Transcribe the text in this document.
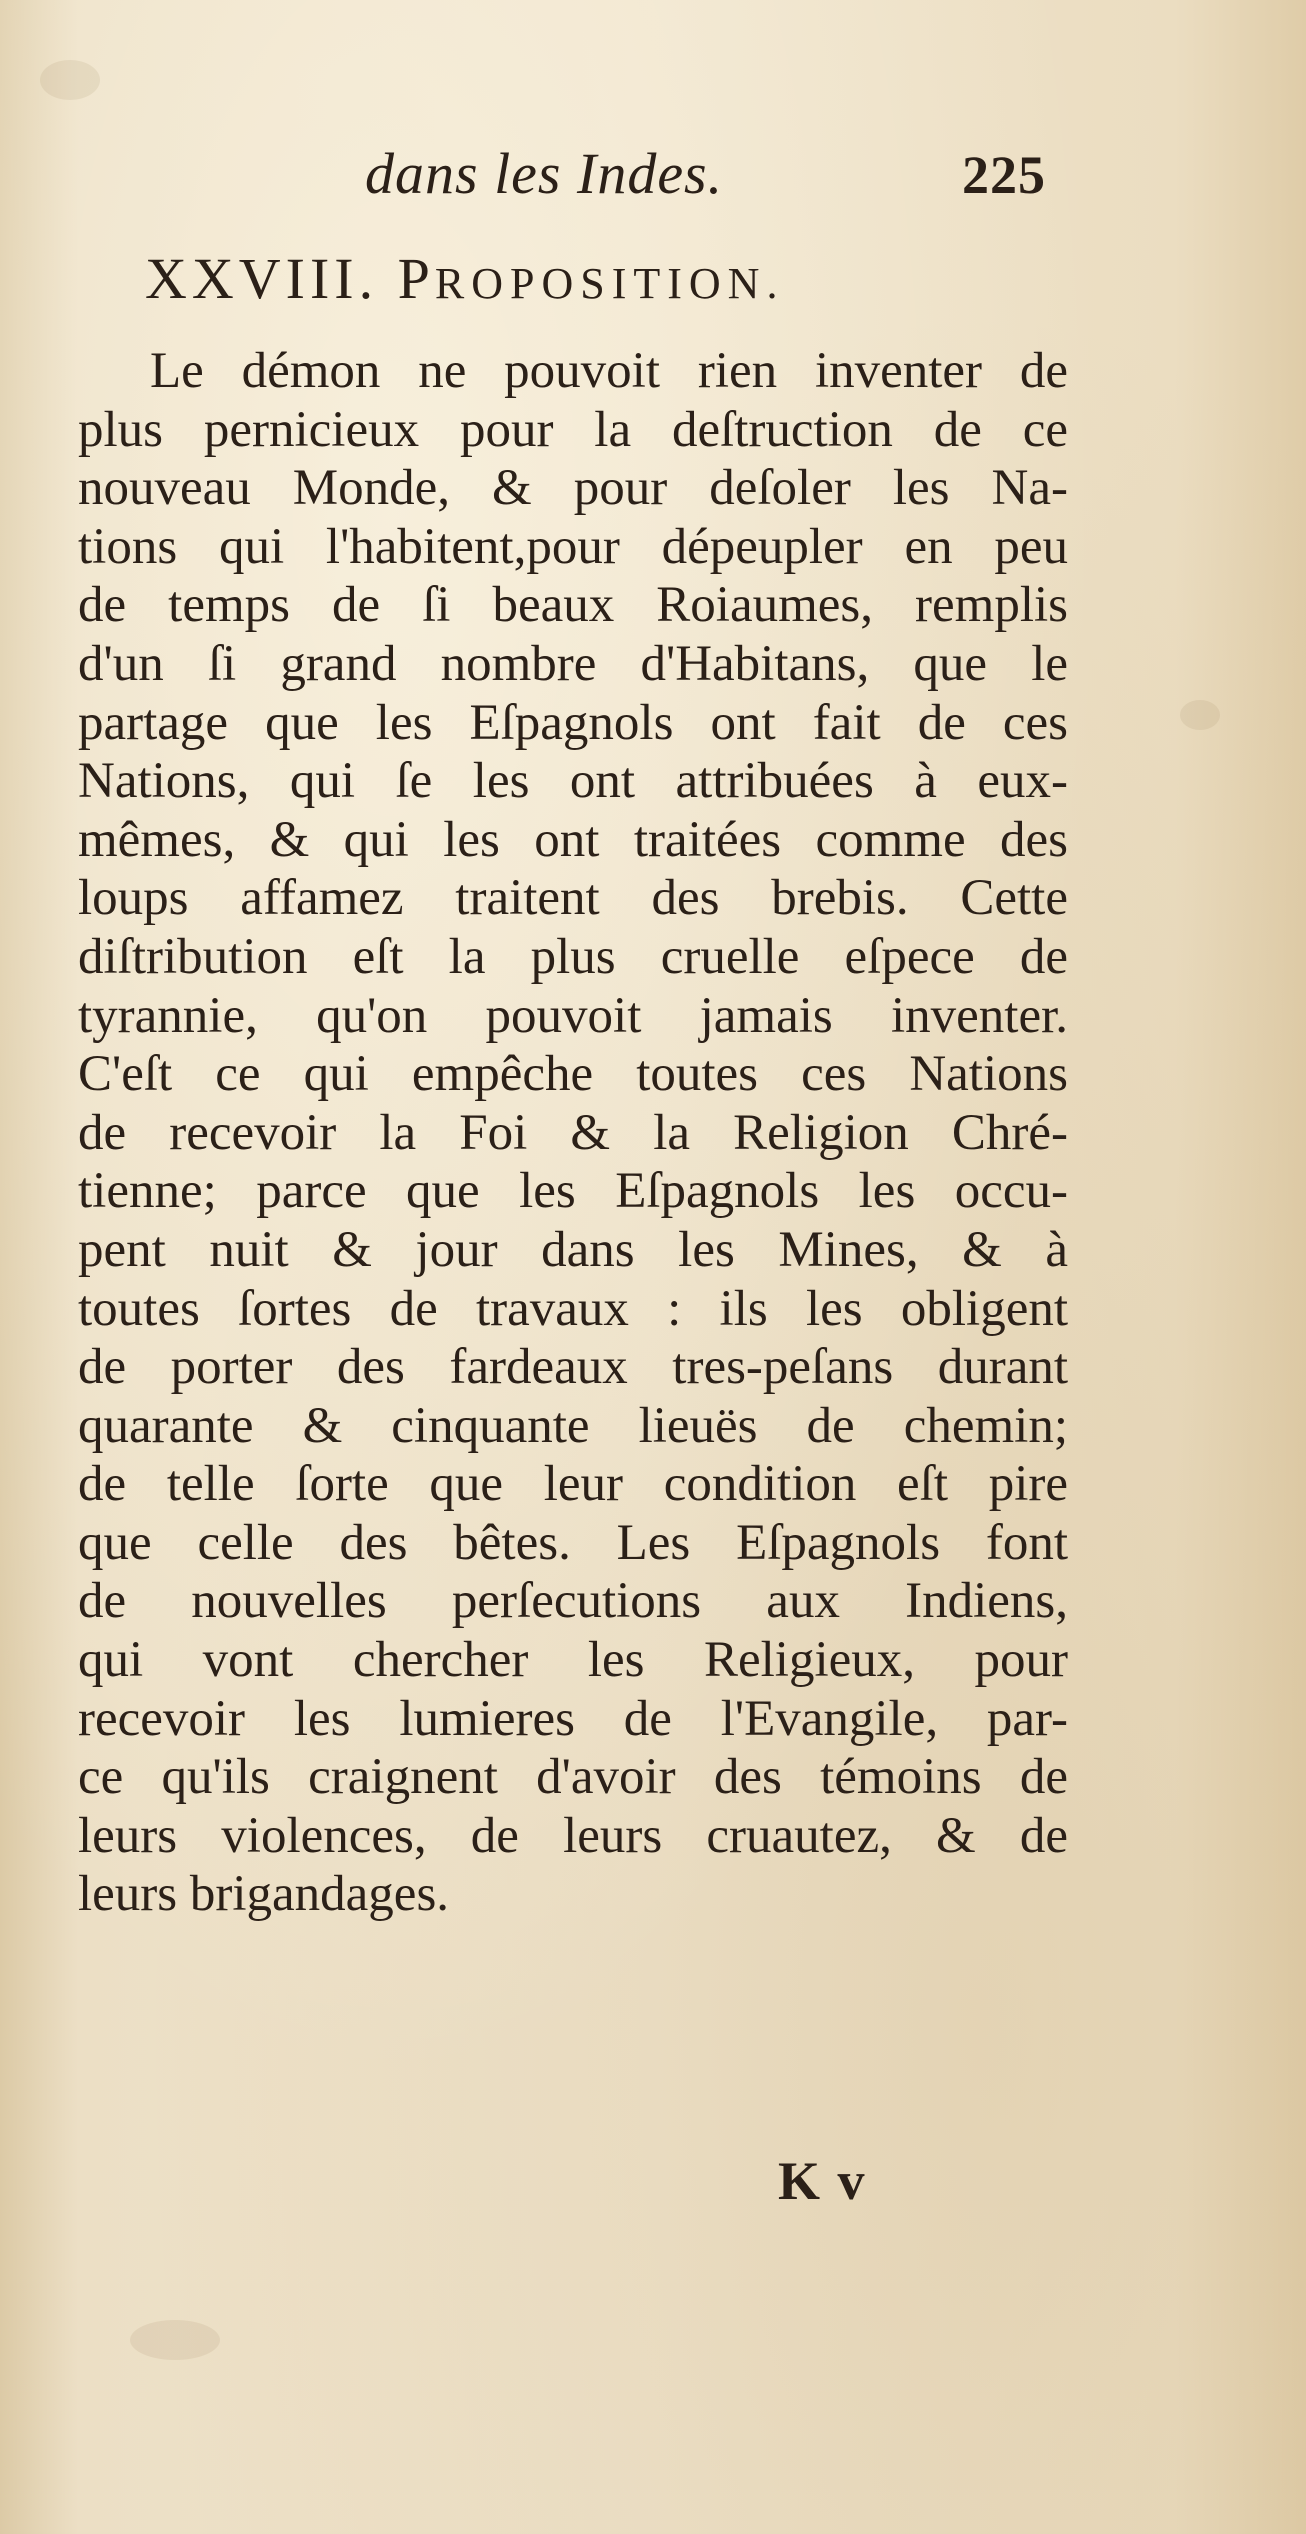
dans les Indes.	225
XXVIII. PROPOSITION.
Le démon ne pouvoit rien inventer de
plus pernicieux pour la deſtruction de ce
nouveau Monde, & pour deſoler les Na-
tions qui l'habitent,pour dépeupler en peu
de temps de ſi beaux Roiaumes, remplis
d'un ſi grand nombre d'Habitans, que le
partage que les Eſpagnols ont fait de ces
Nations, qui ſe les ont attribuées à eux-
mêmes, & qui les ont traitées comme des
loups affamez traitent des brebis. Cette
diſtribution eſt la plus cruelle eſpece de
tyrannie, qu'on pouvoit jamais inventer.
C'eſt ce qui empêche toutes ces Nations
de recevoir la Foi & la Religion Chré-
tienne; parce que les Eſpagnols les occu-
pent nuit & jour dans les Mines, & à
toutes ſortes de travaux : ils les obligent
de porter des fardeaux tres-peſans durant
quarante & cinquante lieuës de chemin;
de telle ſorte que leur condition eſt pire
que celle des bêtes. Les Eſpagnols font
de nouvelles perſecutions aux Indiens,
qui vont chercher les Religieux, pour
recevoir les lumieres de l'Evangile, par-
ce qu'ils craignent d'avoir des témoins de
leurs violences, de leurs cruautez, & de
leurs brigandages.
K v
